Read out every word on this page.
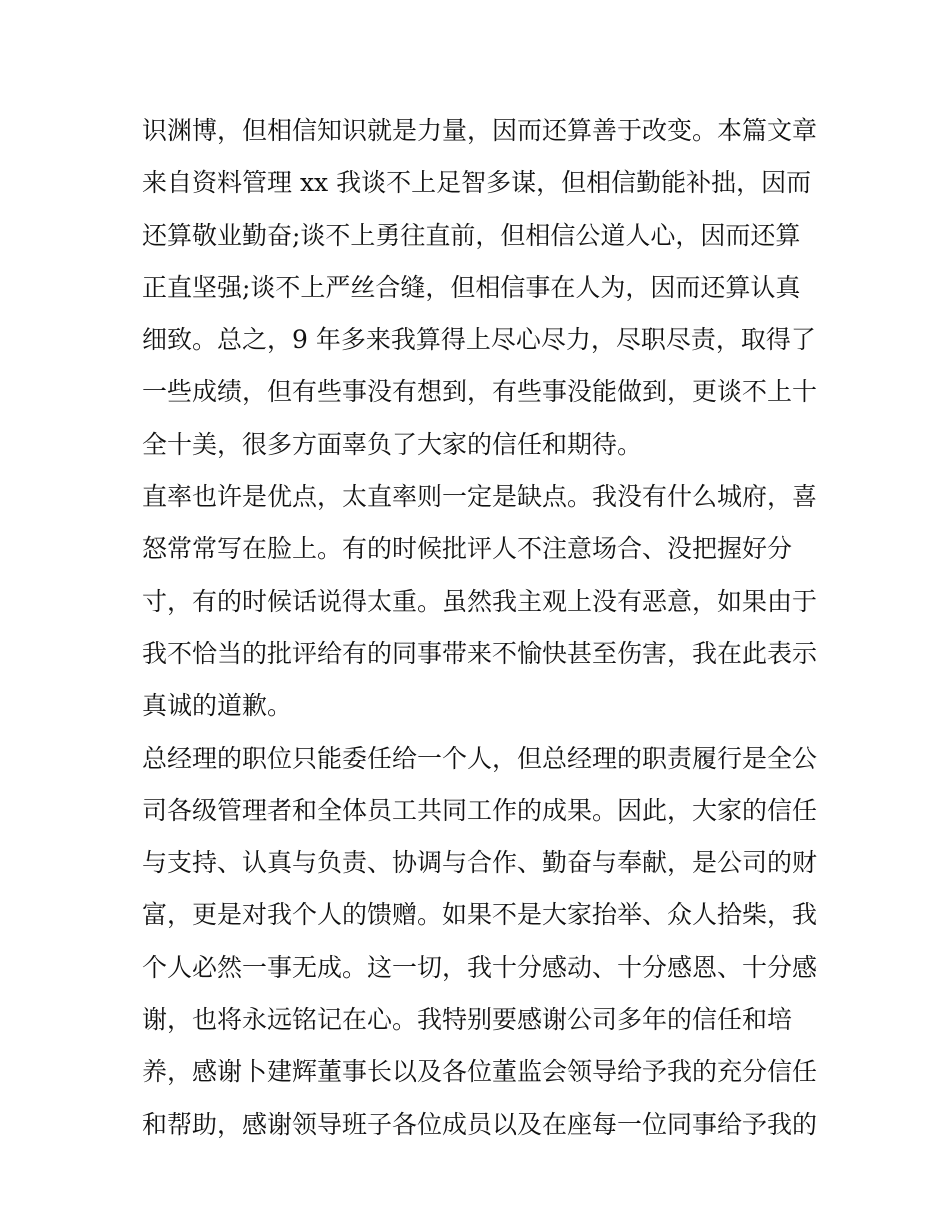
识渊博，但相信知识就是力量，因而还算善于改变。本篇文章
来自资料管理 xx 我谈不上足智多谋，但相信勤能补拙，因而
还算敬业勤奋;谈不上勇往直前，但相信公道人心，因而还算
正直坚强;谈不上严丝合缝，但相信事在人为，因而还算认真
细致。总之，9 年多来我算得上尽心尽力，尽职尽责，取得了
一些成绩，但有些事没有想到，有些事没能做到，更谈不上十
全十美，很多方面辜负了大家的信任和期待。
直率也许是优点，太直率则一定是缺点。我没有什么城府，喜
怒常常写在脸上。有的时候批评人不注意场合、没把握好分
寸，有的时候话说得太重。虽然我主观上没有恶意，如果由于
我不恰当的批评给有的同事带来不愉快甚至伤害，我在此表示
真诚的道歉。
总经理的职位只能委任给一个人，但总经理的职责履行是全公
司各级管理者和全体员工共同工作的成果。因此，大家的信任
与支持、认真与负责、协调与合作、勤奋与奉献，是公司的财
富，更是对我个人的馈赠。如果不是大家抬举、众人拾柴，我
个人必然一事无成。这一切，我十分感动、十分感恩、十分感
谢，也将永远铭记在心。我特别要感谢公司多年的信任和培
养，感谢卜建辉董事长以及各位董监会领导给予我的充分信任
和帮助，感谢领导班子各位成员以及在座每一位同事给予我的
